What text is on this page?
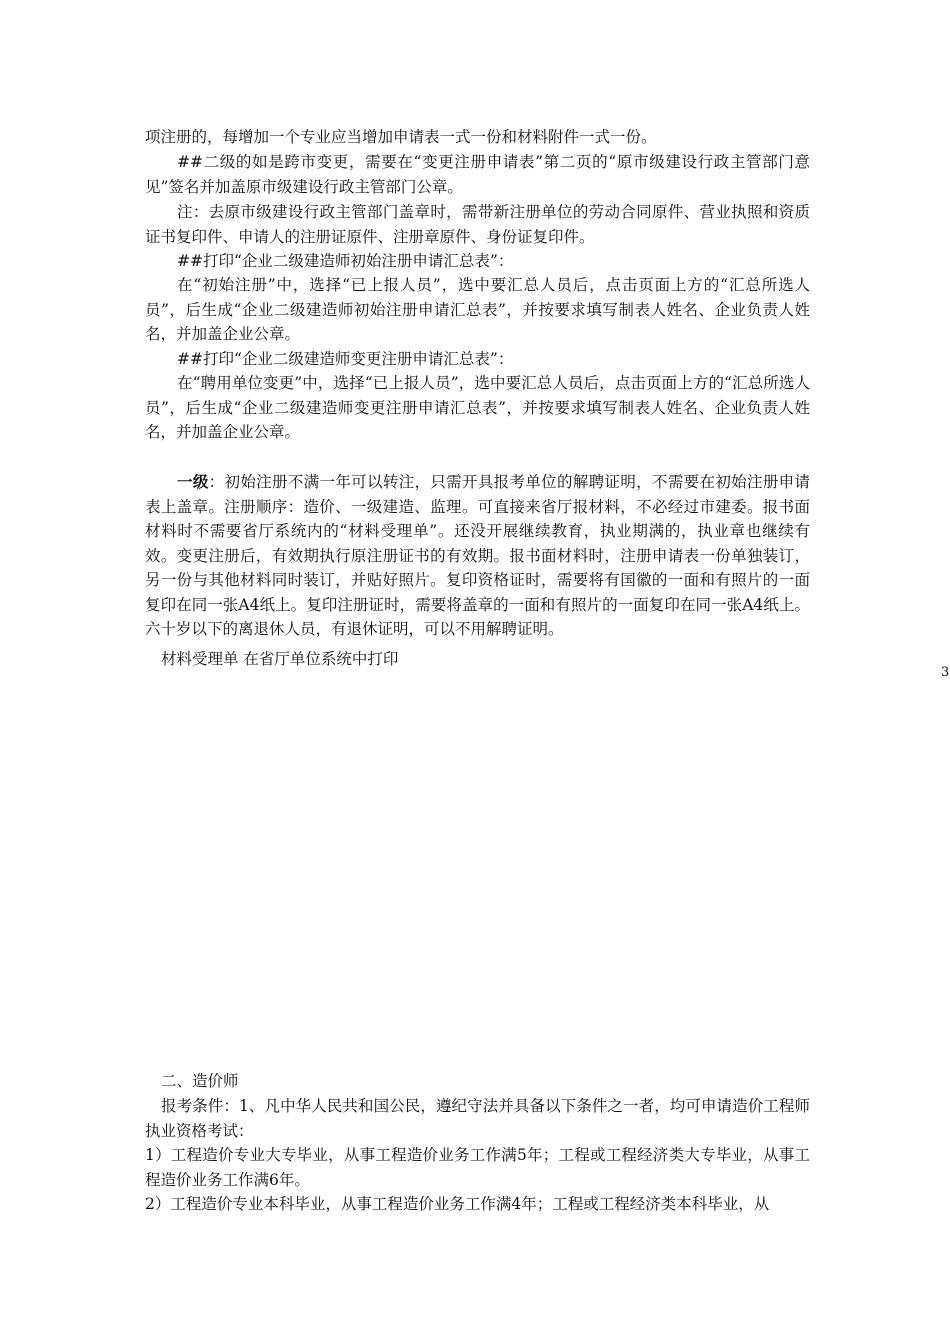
项注册的，每增加一个专业应当增加申请表一式一份和材料附件一式一份。

##二级的如是跨市变更，需要在“变更注册申请表”第二页的“原市级建设行政主管部门意见”签名并加盖原市级建设行政主管部门公章。

注：去原市级建设行政主管部门盖章时，需带新注册单位的劳动合同原件、营业执照和资质证书复印件、申请人的注册证原件、注册章原件、身份证复印件。

##打印“企业二级建造师初始注册申请汇总表”：

在“初始注册”中，选择“已上报人员”，选中要汇总人员后，点击页面上方的“汇总所选人员”，后生成“企业二级建造师初始注册申请汇总表”，并按要求填写制表人姓名、企业负责人姓名，并加盖企业公章。

##打印“企业二级建造师变更注册申请汇总表”：

在“聘用单位变更”中，选择“已上报人员”，选中要汇总人员后，点击页面上方的“汇总所选人员”，后生成“企业二级建造师变更注册申请汇总表”，并按要求填写制表人姓名、企业负责人姓名，并加盖企业公章。

一级：初始注册不满一年可以转注，只需开具报考单位的解聘证明，不需要在初始注册申请表上盖章。注册顺序：造价、一级建造、监理。可直接来省厅报材料，不必经过市建委。报书面材料时不需要省厅系统内的“材料受理单”。还没开展继续教育，执业期满的，执业章也继续有效。变更注册后，有效期执行原注册证书的有效期。报书面材料时，注册申请表一份单独装订，另一份与其他材料同时装订，并贴好照片。复印资格证时，需要将有国徽的一面和有照片的一面复印在同一张A4纸上。复印注册证时，需要将盖章的一面和有照片的一面复印在同一张A4纸上。六十岁以下的离退休人员，有退休证明，可以不用解聘证明。

材料受理单 在省厅单位系统中打印

3

二、造价师

报考条件：1、凡中华人民共和国公民，遵纪守法并具备以下条件之一者，均可申请造价工程师执业资格考试：

1）工程造价专业大专毕业，从事工程造价业务工作满5年；工程或工程经济类大专毕业，从事工程造价业务工作满6年。

2）工程造价专业本科毕业，从事工程造价业务工作满4年；工程或工程经济类本科毕业，从
